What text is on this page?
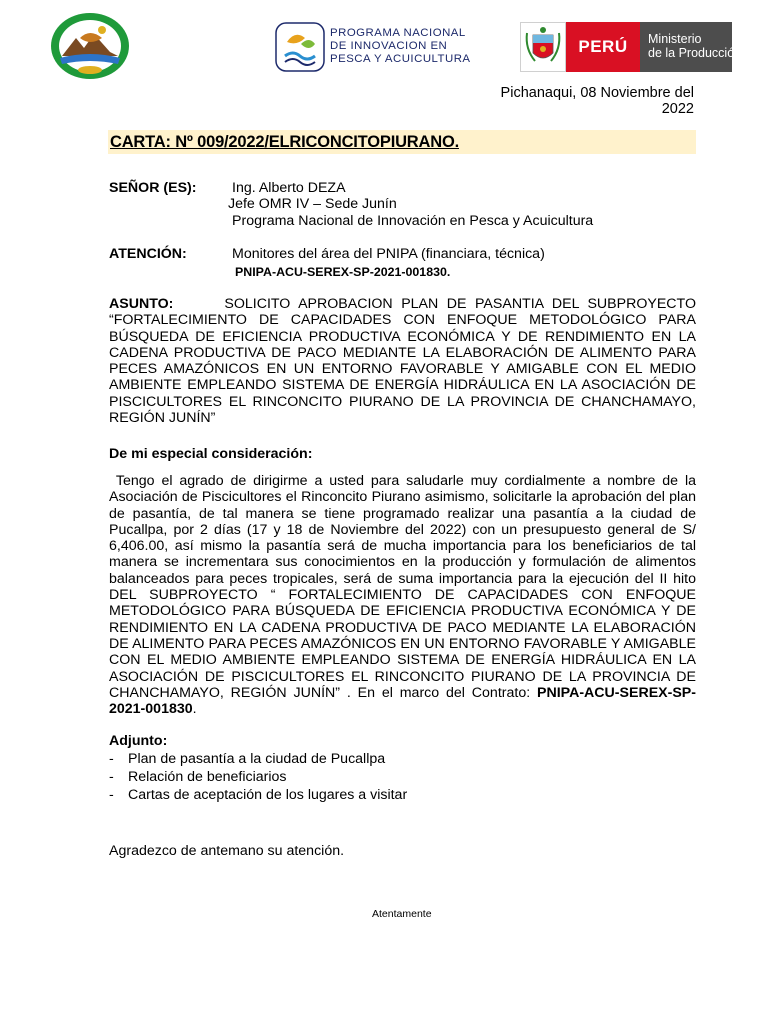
PROGRAMA NACIONAL
DE INNOVACION EN
PESCA Y ACUICULTURA
PERÚ	Ministerio
de la Producción
Pichanaqui, 08 Noviembre del 2022
CARTA: Nº 009/2022/ELRICONCITOPIURANO.
SEÑOR (ES):	Ing. Alberto DEZA
Jefe OMR IV – Sede Junín
Programa Nacional de Innovación en Pesca y Acuicultura
ATENCIÓN:	Monitores del área del PNIPA (financiara, técnica)
PNIPA-ACU-SEREX-SP-2021-001830.
ASUNTO:	SOLICITO APROBACION PLAN DE PASANTIA DEL SUBPROYECTO “FORTALECIMIENTO DE CAPACIDADES CON ENFOQUE METODOLÓGICO PARA BÚSQUEDA DE EFICIENCIA PRODUCTIVA ECONÓMICA Y DE RENDIMIENTO EN LA CADENA PRODUCTIVA DE PACO MEDIANTE LA ELABORACIÓN DE ALIMENTO PARA PECES AMAZÓNICOS EN UN ENTORNO FAVORABLE Y AMIGABLE CON EL MEDIO AMBIENTE EMPLEANDO SISTEMA DE ENERGÍA HIDRÁULICA EN LA ASOCIACIÓN DE PISCICULTORES EL RINCONCITO PIURANO DE LA PROVINCIA DE CHANCHAMAYO, REGIÓN JUNÍN”
De mi especial consideración:
Tengo el agrado de dirigirme a usted para saludarle muy cordialmente a nombre de la Asociación de Piscicultores el Rinconcito Piurano asimismo, solicitarle la aprobación del plan de pasantía, de tal manera se tiene programado realizar una pasantía a la ciudad de Pucallpa, por 2 días (17 y 18 de Noviembre del 2022) con un presupuesto general de S/ 6,406.00, así mismo la pasantía será de mucha importancia para los beneficiarios de tal manera se incrementara sus conocimientos en la producción y formulación de alimentos balanceados para peces tropicales, será de suma importancia para la ejecución del II hito DEL SUBPROYECTO “ FORTALECIMIENTO DE CAPACIDADES CON ENFOQUE METODOLÓGICO PARA BÚSQUEDA DE EFICIENCIA PRODUCTIVA ECONÓMICA Y DE RENDIMIENTO EN LA CADENA PRODUCTIVA DE PACO MEDIANTE LA ELABORACIÓN DE ALIMENTO PARA PECES AMAZÓNICOS EN UN ENTORNO FAVORABLE Y AMIGABLE CON EL MEDIO AMBIENTE EMPLEANDO SISTEMA DE ENERGÍA HIDRÁULICA EN LA ASOCIACIÓN DE PISCICULTORES EL RINCONCITO PIURANO DE LA PROVINCIA DE CHANCHAMAYO, REGIÓN JUNÍN” . En el marco del Contrato: PNIPA-ACU-SEREX-SP-2021-001830.
Adjunto:
- Plan de pasantía a la ciudad de Pucallpa
- Relación de beneficiarios
- Cartas de aceptación de los lugares a visitar
Agradezco de antemano su atención.
Atentamente
